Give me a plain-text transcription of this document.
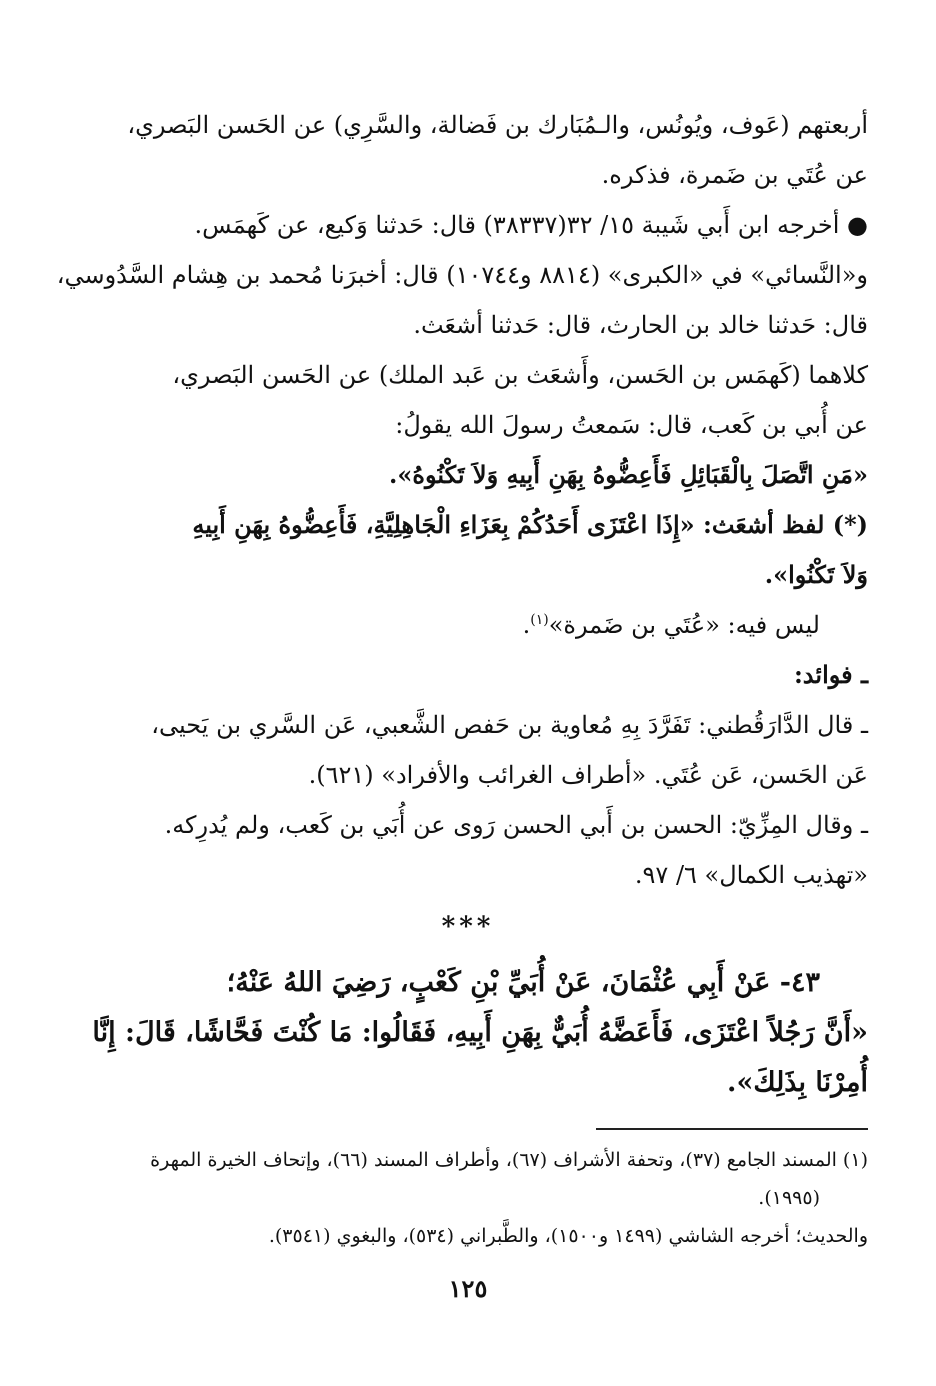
أربعتهم (عَوف، ويُونُس، والـمُبَارك بن فَضالة، والسَّرِي) عن الحَسن البَصري،
عن عُتَي بن ضَمرة، فذكره.
● أخرجه ابن أَبي شَيبة ١٥/ ٣٢(٣٨٣٣٧) قال: حَدثنا وَكيع، عن كَهمَس.
و«النَّسائي» في «الكبرى» (٨٨١٤ و١٠٧٤٤) قال: أخبرَنا مُحمد بن هِشام السَّدُوسي،
قال: حَدثنا خالد بن الحارث، قال: حَدثنا أشعَث.
كلاهما (كَهمَس بن الحَسن، وأَشعَث بن عَبد الملك) عن الحَسن البَصري،
عن أُبي بن كَعب، قال: سَمعتُ رسولَ الله يقولُ:
«مَنِ اتَّصَلَ بِالْقَبَائِلِ فَأَعِضُّوهُ بِهَنِ أَبِيهِ وَلاَ تَكْنُوهُ».
(*) لفظ أشعَث: «إِذَا اعْتَزَى أَحَدُكُمْ بِعَزَاءِ الْجَاهِلِيَّةِ، فَأَعِضُّوهُ بِهَنِ أَبِيهِ
وَلاَ تَكْنُوا».
ليس فيه: «عُتَي بن ضَمرة»$^{(١)}$.
ـ فوائد:
ـ قال الدَّارَقُطني: تَفَرَّدَ بِهِ مُعاوية بن حَفص الشَّعبي، عَن السَّري بن يَحيى،
عَن الحَسن، عَن عُتَي. «أطراف الغرائب والأفراد» (٦٢١).
ـ وقال المِزِّيّ: الحسن بن أَبي الحسن رَوى عن أُبَي بن كَعب، ولم يُدرِكه.
«تهذيب الكمال» ٦/ ٩٧.
***
٤٣- عَنْ أَبِي عُثْمَانَ، عَنْ أُبَيِّ بْنِ كَعْبٍ، رَضِيَ اللهُ عَنْهُ؛
«أَنَّ رَجُلاً اعْتَزَى، فَأَعَضَّهُ أُبَيٌّ بِهَنِ أَبِيهِ، فَقَالُوا: مَا كُنْتَ فَحَّاشًا، قَالَ: إِنَّا
أُمِرْنَا بِذَلِكَ».
(١) المسند الجامع (٣٧)، وتحفة الأشراف (٦٧)، وأطراف المسند (٦٦)، وإتحاف الخيرة المهرة
(١٩٩٥).
والحديث؛ أخرجه الشاشي (١٤٩٩ و١٥٠٠)، والطَّبراني (٥٣٤)، والبغوي (٣٥٤١).
١٢٥
